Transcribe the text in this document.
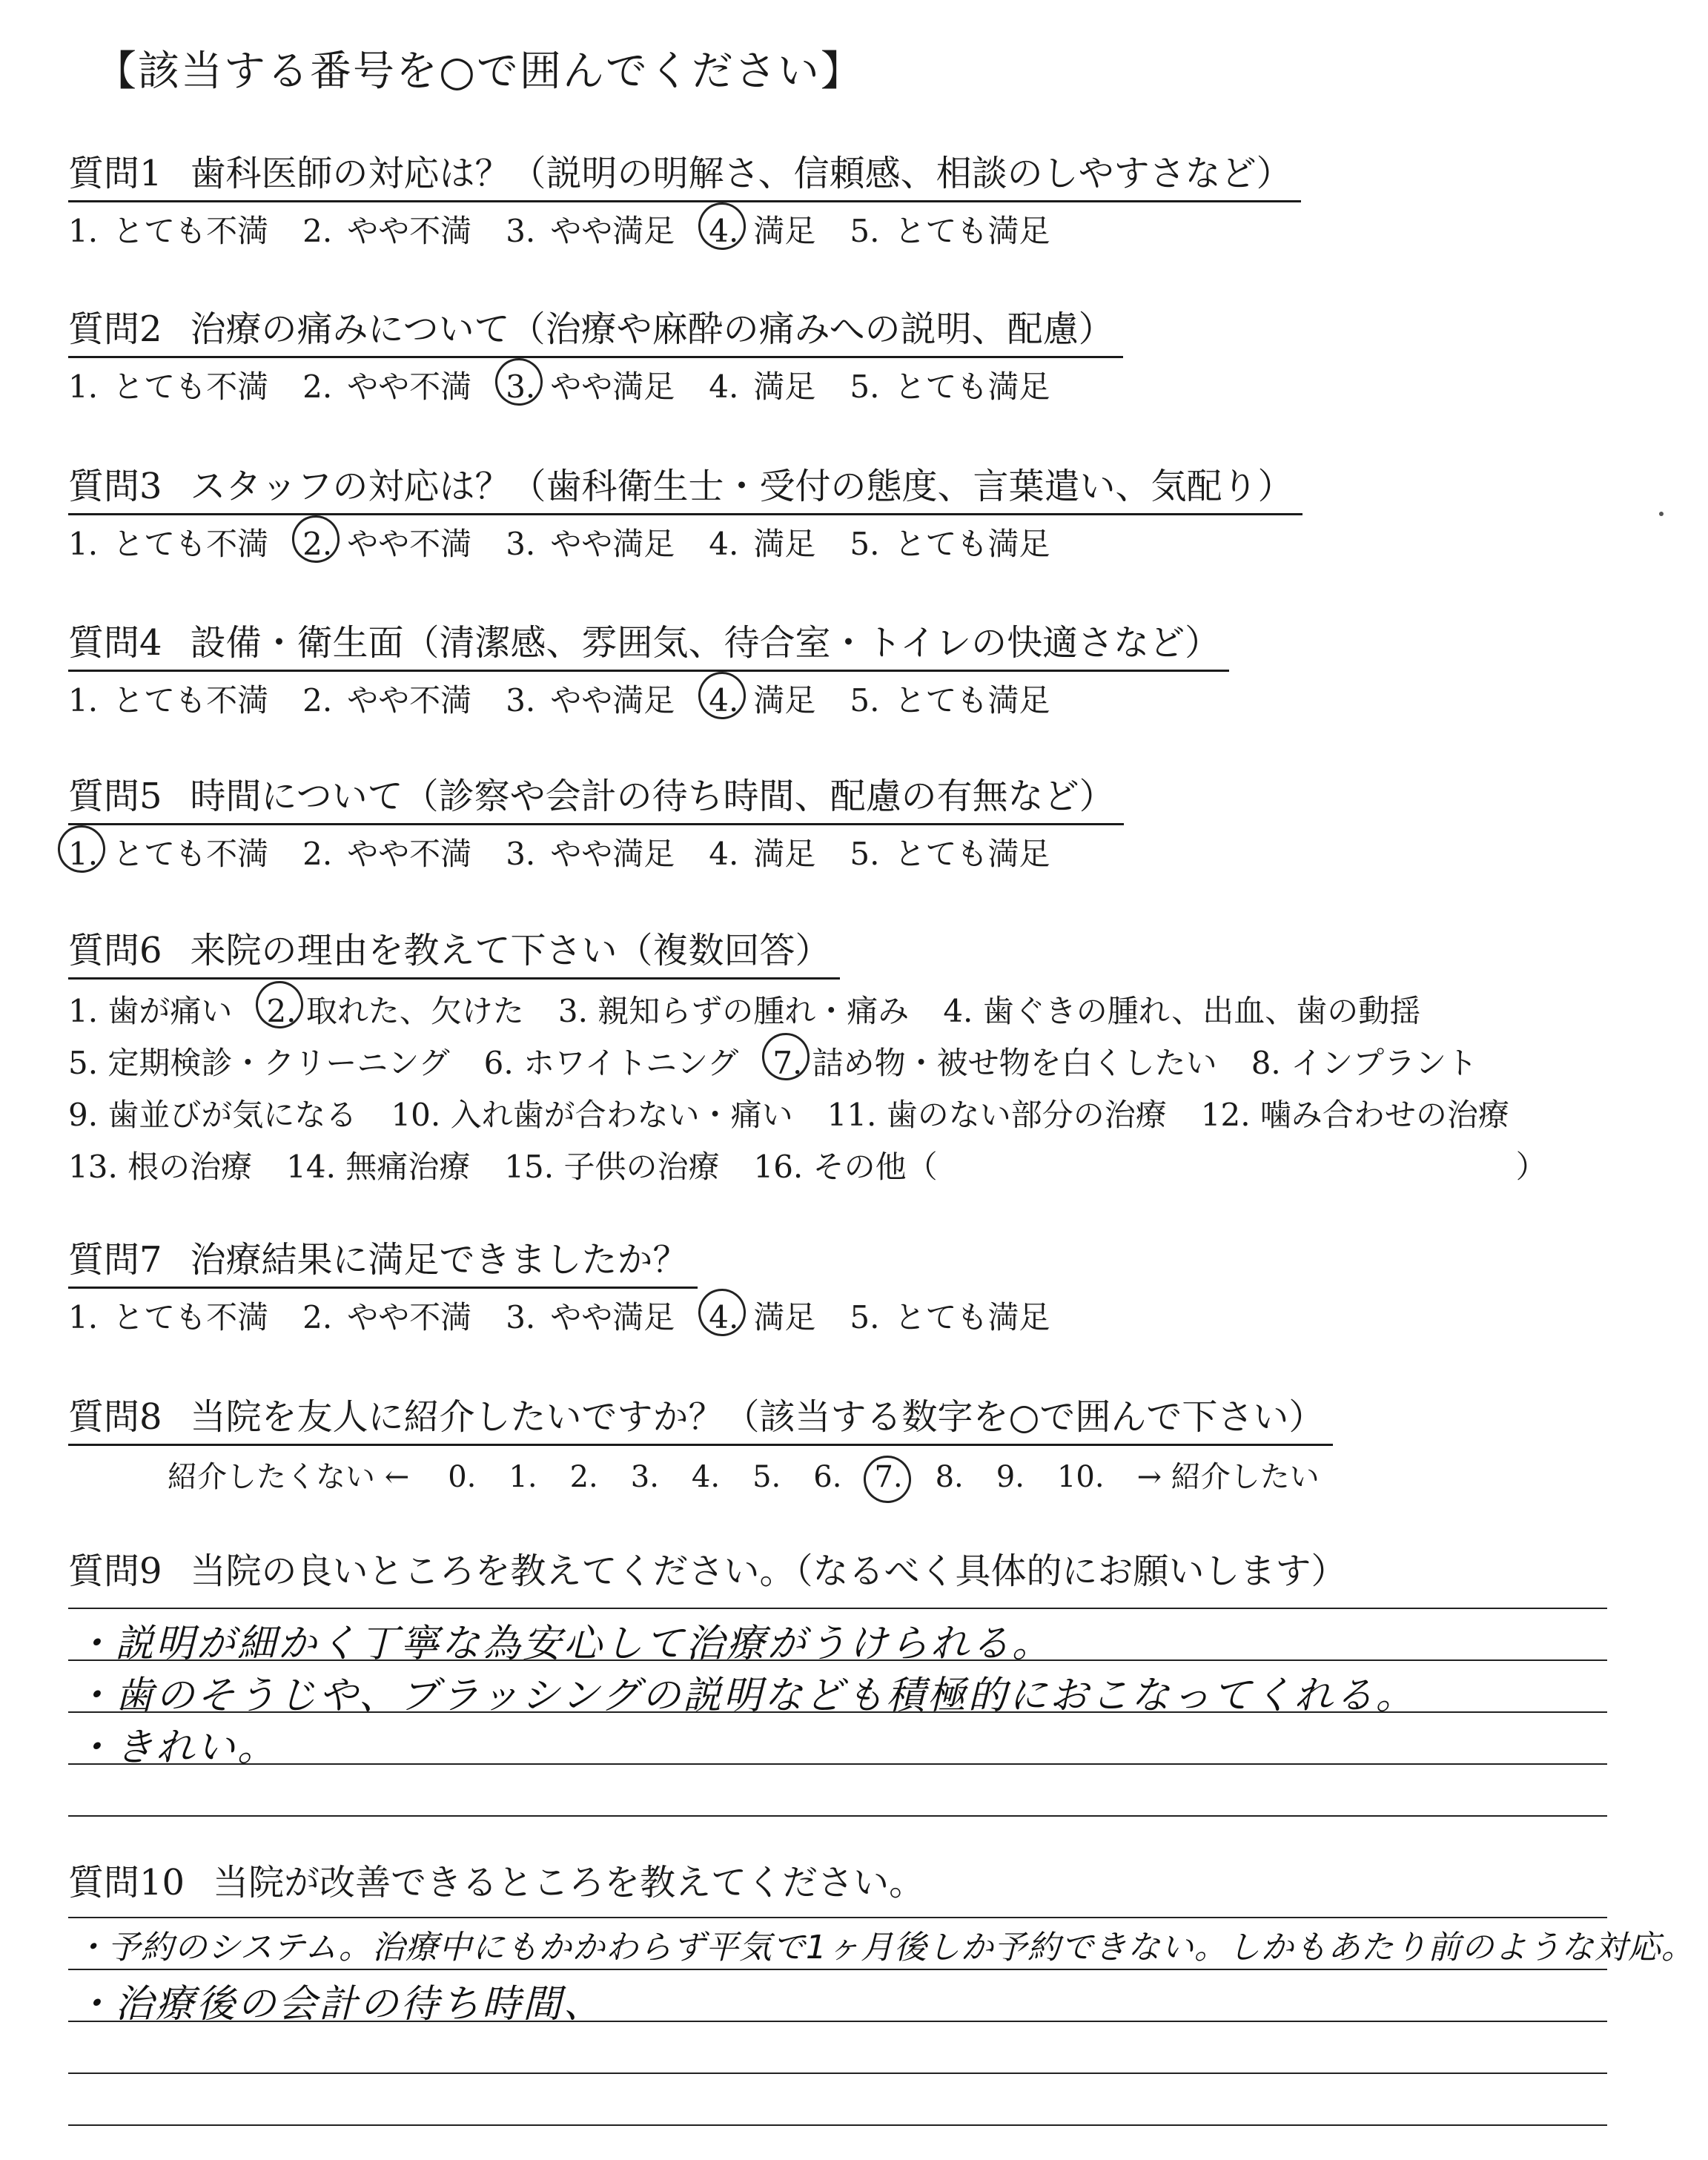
【該当する番号を○で囲んでください】
質問1 歯科医師の対応は？（説明の明解さ、信頼感、相談のしやすさなど）
1. とても不満 2. やや不満 3. やや満足 4. 満足 5. とても満足
質問2 治療の痛みについて（治療や麻酔の痛みへの説明、配慮）
1. とても不満 2. やや不満 3. やや満足 4. 満足 5. とても満足
質問3 スタッフの対応は？（歯科衛生士・受付の態度、言葉遣い、気配り）
1. とても不満 2. やや不満 3. やや満足 4. 満足 5. とても満足
質問4 設備・衛生面（清潔感、雰囲気、待合室・トイレの快適さなど）
1. とても不満 2. やや不満 3. やや満足 4. 満足 5. とても満足
質問5 時間について（診察や会計の待ち時間、配慮の有無など）
1. とても不満 2. やや不満 3. やや満足 4. 満足 5. とても満足
質問6 来院の理由を教えて下さい（複数回答）
1. 歯が痛い 2. 取れた、欠けた 3. 親知らずの腫れ・痛み 4. 歯ぐきの腫れ、出血、歯の動揺
5. 定期検診・クリーニング 6. ホワイトニング 7. 詰め物・被せ物を白くしたい 8. インプラント
9. 歯並びが気になる 10. 入れ歯が合わない・痛い 11. 歯のない部分の治療 12. 噛み合わせの治療
13. 根の治療 14. 無痛治療 15. 子供の治療 16. その他（	）
質問7 治療結果に満足できましたか？
1. とても不満 2. やや不満 3. やや満足 4. 満足 5. とても満足
質問8 当院を友人に紹介したいですか？（該当する数字を○で囲んで下さい）
紹介したくない ← 0. 1. 2. 3. 4. 5. 6. 7. 8. 9. 10. → 紹介したい
質問9 当院の良いところを教えてください。（なるべく具体的にお願いします）
・説明が細かく丁寧な為安心して治療がうけられる。
・歯のそうじや、ブラッシングの説明なども積極的におこなってくれる。
・きれい。
質問10 当院が改善できるところを教えてください。
・予約のシステム。治療中にもかかわらず平気で1ヶ月後しか予約できない。しかもあたり前のような対応。
・治療後の会計の待ち時間、
